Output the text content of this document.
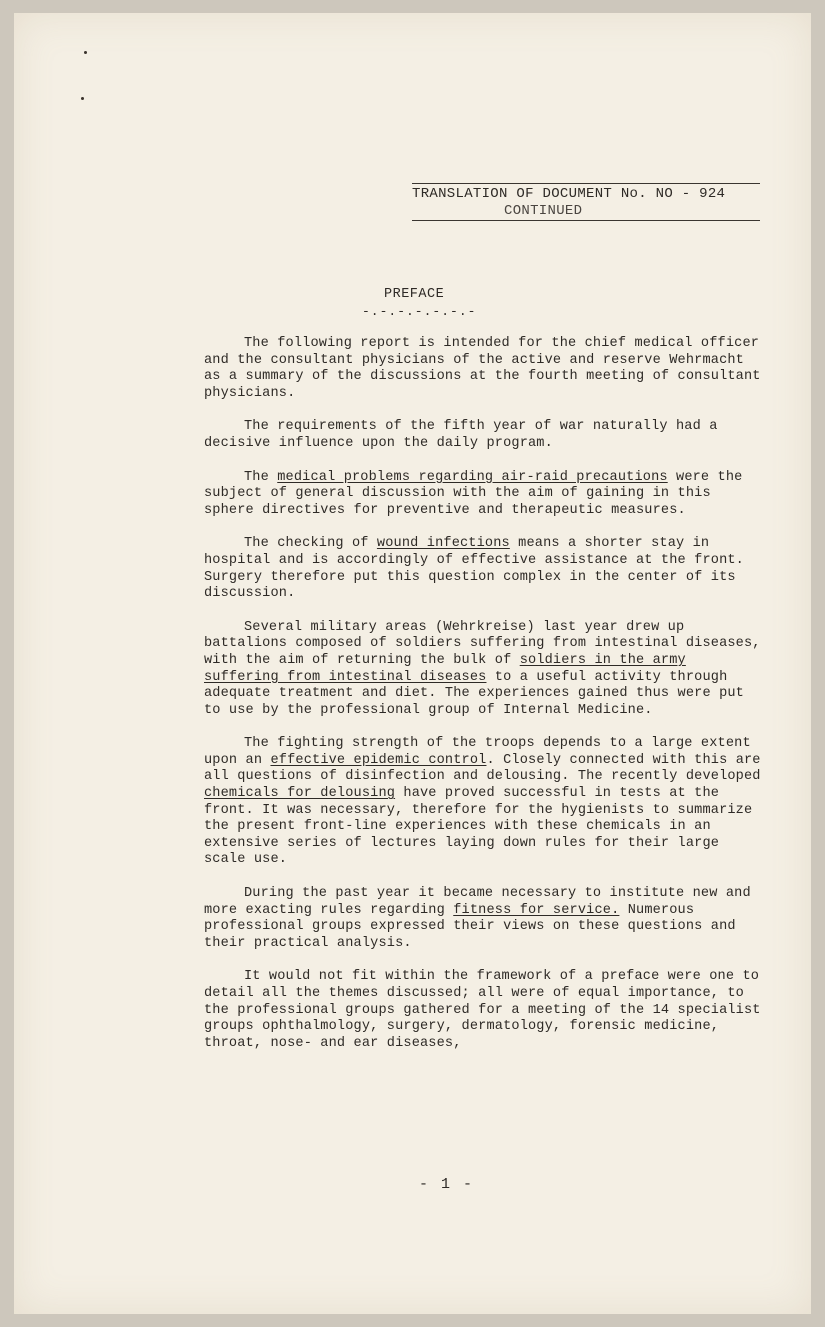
TRANSLATION OF DOCUMENT No. NO - 924
CONTINUED
PREFACE
-.-.-.-.-.-.-

The following report is intended for the chief medical officer and the consultant physicians of the active and reserve Wehrmacht as a summary of the discussions at the fourth meeting of consultant physicians.

The requirements of the fifth year of war naturally had a decisive influence upon the daily program.

The medical problems regarding air-raid precautions were the subject of general discussion with the aim of gaining in this sphere directives for preventive and therapeutic measures.

The checking of wound infections means a shorter stay in hospital and is accordingly of effective assistance at the front. Surgery therefore put this question complex in the center of its discussion.

Several military areas (Wehrkreise) last year drew up battalions composed of soldiers suffering from intestinal diseases, with the aim of returning the bulk of soldiers in the army suffering from intestinal diseases to a useful activity through adequate treatment and diet. The experiences gained thus were put to use by the professional group of Internal Medicine.

The fighting strength of the troops depends to a large extent upon an effective epidemic control. Closely connected with this are all questions of disinfection and delousing. The recently developed chemicals for delousing have proved successful in tests at the front. It was necessary, therefore for the hygienists to summarize the present front-line experiences with these chemicals in an extensive series of lectures laying down rules for their large scale use.

During the past year it became necessary to institute new and more exacting rules regarding fitness for service. Numerous professional groups expressed their views on these questions and their practical analysis.

It would not fit within the framework of a preface were one to detail all the themes discussed; all were of equal importance, to the professional groups gathered for a meeting of the 14 specialist groups ophthalmology, surgery, dermatology, forensic medicine, throat, nose- and ear diseases,

- 1 -
